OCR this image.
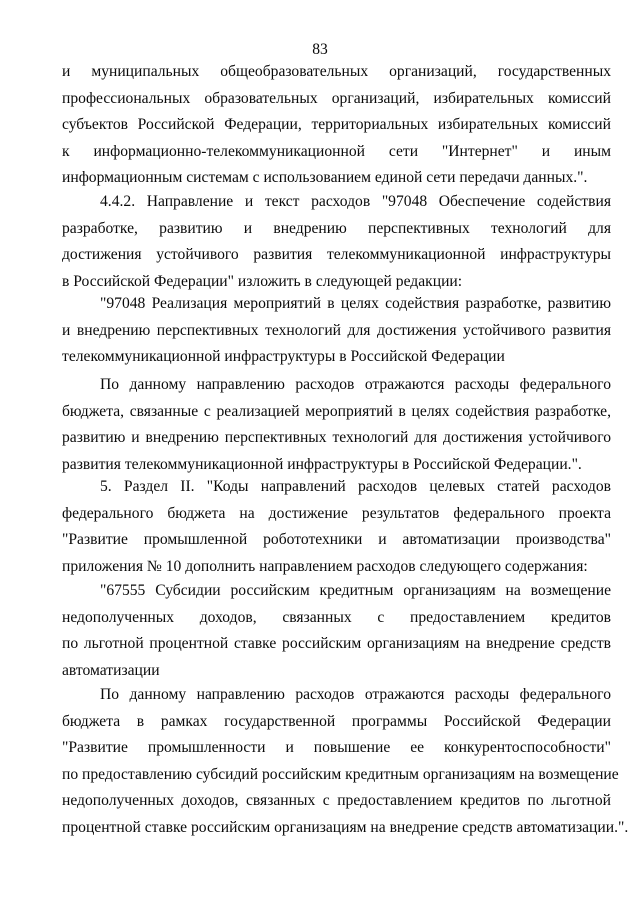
83
и муниципальных общеобразовательных организаций, государственных
профессиональных образовательных организаций, избирательных комиссий
субъектов Российской Федерации, территориальных избирательных комиссий
к информационно-телекоммуникационной сети "Интернет" и иным
информационным системам с использованием единой сети передачи данных.".
4.4.2. Направление и текст расходов "97048 Обеспечение содействия
разработке, развитию и внедрению перспективных технологий для
достижения устойчивого развития телекоммуникационной инфраструктуры
в Российской Федерации" изложить в следующей редакции:
"97048 Реализация мероприятий в целях содействия разработке, развитию
и внедрению перспективных технологий для достижения устойчивого развития
телекоммуникационной инфраструктуры в Российской Федерации
По данному направлению расходов отражаются расходы федерального
бюджета, связанные с реализацией мероприятий в целях содействия разработке,
развитию и внедрению перспективных технологий для достижения устойчивого
развития телекоммуникационной инфраструктуры в Российской Федерации.".
5. Раздел II. "Коды направлений расходов целевых статей расходов
федерального бюджета на достижение результатов федерального проекта
"Развитие промышленной робототехники и автоматизации производства"
приложения № 10 дополнить направлением расходов следующего содержания:
"67555 Субсидии российским кредитным организациям на возмещение
недополученных доходов, связанных с предоставлением кредитов
по льготной процентной ставке российским организациям на внедрение средств
автоматизации
По данному направлению расходов отражаются расходы федерального
бюджета в рамках государственной программы Российской Федерации
"Развитие промышленности и повышение ее конкурентоспособности"
по предоставлению субсидий российским кредитным организациям на возмещение
недополученных доходов, связанных с предоставлением кредитов по льготной
процентной ставке российским организациям на внедрение средств автоматизации.".
